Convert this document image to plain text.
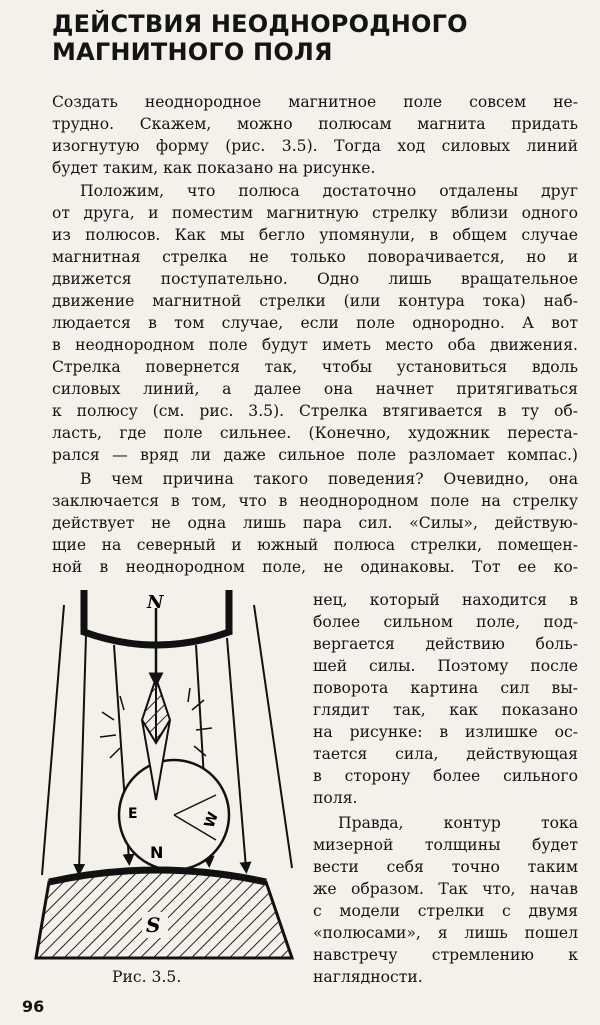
ДЕЙСТВИЯ НЕОДНОРОДНОГО МАГНИТНОГО ПОЛЯ
Создать неоднородное магнитное поле совсем не-
трудно. Скажем, можно полюсам магнита придать
изогнутую форму (рис. 3.5). Тогда ход силовых линий
будет таким, как показано на рисунке.
Положим, что полюса достаточно отдалены друг
от друга, и поместим магнитную стрелку вблизи одного
из полюсов. Как мы бегло упомянули, в общем случае
магнитная стрелка не только поворачивается, но и
движется поступательно. Одно лишь вращательное
движение магнитной стрелки (или контура тока) наб-
людается в том случае, если поле однородно. А вот
в неоднородном поле будут иметь место оба движения.
Стрелка повернется так, чтобы установиться вдоль
силовых линий, а далее она начнет притягиваться
к полюсу (см. рис. 3.5). Стрелка втягивается в ту об-
ласть, где поле сильнее. (Конечно, художник переста-
рался — вряд ли даже сильное поле разломает компас.)
В чем причина такого поведения? Очевидно, она
заключается в том, что в неоднородном поле на стрелку
действует не одна лишь пара сил. «Силы», действую-
щие на северный и южный полюса стрелки, помещен-
ной в неоднородном поле, не одинаковы. Тот ее ко-
нец, который находится в
более сильном поле, под-
вергается действию боль-
шей силы. Поэтому после
поворота картина сил вы-
глядит так, как показано
на рисунке: в излишке ос-
тается сила, действующая
в сторону более сильного
поля.
Правда, контур тока
мизерной толщины будет
вести себя точно таким
же образом. Так что, начав
с модели стрелки с двумя
«полюсами», я лишь пошел
навстречу стремлению к
наглядности.
N
E	W
N
S
Рис. 3.5.
96
